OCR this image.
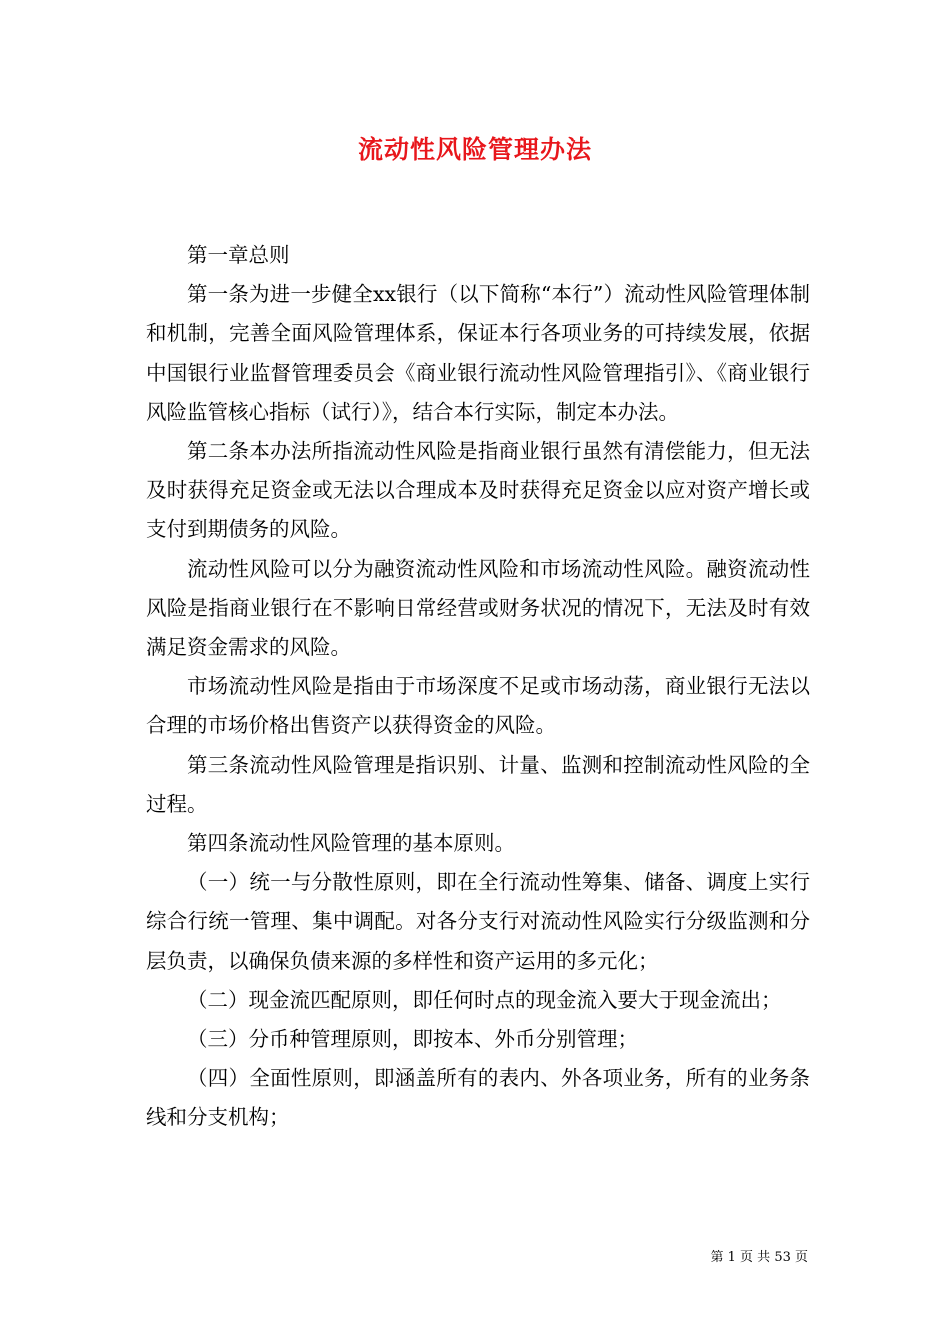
流动性风险管理办法

第一章总则

第一条为进一步健全xx银行（以下简称“本行”）流动性风险管理体制和机制，完善全面风险管理体系，保证本行各项业务的可持续发展，依据中国银行业监督管理委员会《商业银行流动性风险管理指引》、《商业银行风险监管核心指标（试行）》，结合本行实际，制定本办法。

第二条本办法所指流动性风险是指商业银行虽然有清偿能力，但无法及时获得充足资金或无法以合理成本及时获得充足资金以应对资产增长或支付到期债务的风险。

流动性风险可以分为融资流动性风险和市场流动性风险。融资流动性风险是指商业银行在不影响日常经营或财务状况的情况下，无法及时有效满足资金需求的风险。

市场流动性风险是指由于市场深度不足或市场动荡，商业银行无法以合理的市场价格出售资产以获得资金的风险。

第三条流动性风险管理是指识别、计量、监测和控制流动性风险的全过程。

第四条流动性风险管理的基本原则。

（一）统一与分散性原则，即在全行流动性筹集、储备、调度上实行综合行统一管理、集中调配。对各分支行对流动性风险实行分级监测和分层负责，以确保负债来源的多样性和资产运用的多元化；

（二）现金流匹配原则，即任何时点的现金流入要大于现金流出；

（三）分币种管理原则，即按本、外币分别管理；

（四）全面性原则，即涵盖所有的表内、外各项业务，所有的业务条线和分支机构；

第 1 页 共 53 页
